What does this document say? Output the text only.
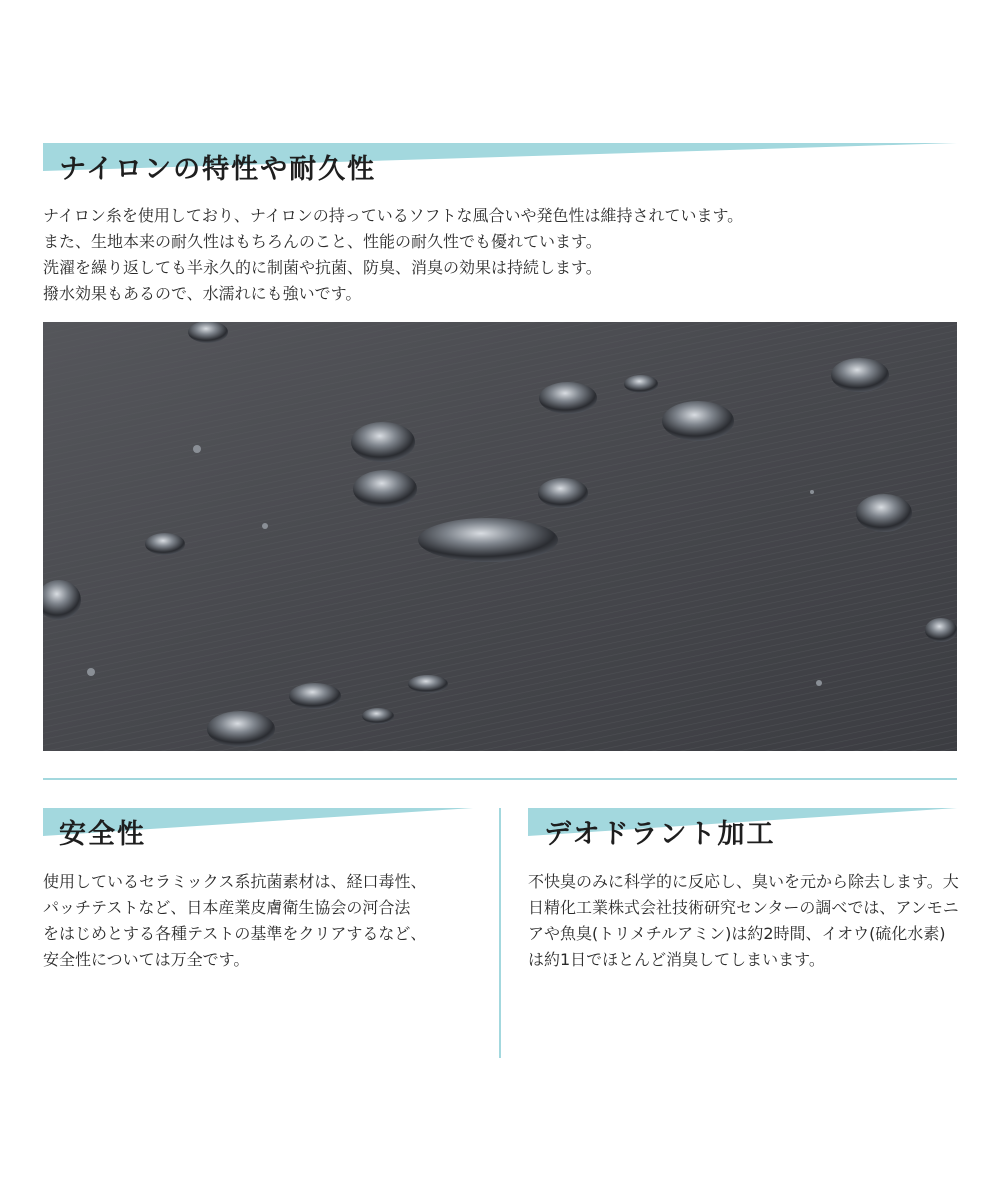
ナイロンの特性や耐久性

ナイロン糸を使用しており、ナイロンの持っているソフトな風合いや発色性は維持されています。

また、生地本来の耐久性はもちろんのこと、性能の耐久性でも優れています。

洗濯を繰り返しても半永久的に制菌や抗菌、防臭、消臭の効果は持続します。

撥水効果もあるので、水濡れにも強いです。

安全性

使用しているセラミックス系抗菌素材は、経口毒性、

パッチテストなど、日本産業皮膚衛生協会の河合法

をはじめとする各種テストの基準をクリアするなど、

安全性については万全です。

デオドラント加工
不快臭のみに科学的に反応し、臭いを元から除去します。大日精化工業株式会社技術研究センターの調べでは、アンモニアや魚臭(トリメチルアミン)は約2時間、イオウ(硫化水素)は約1日でほとんど消臭してしまいます。
